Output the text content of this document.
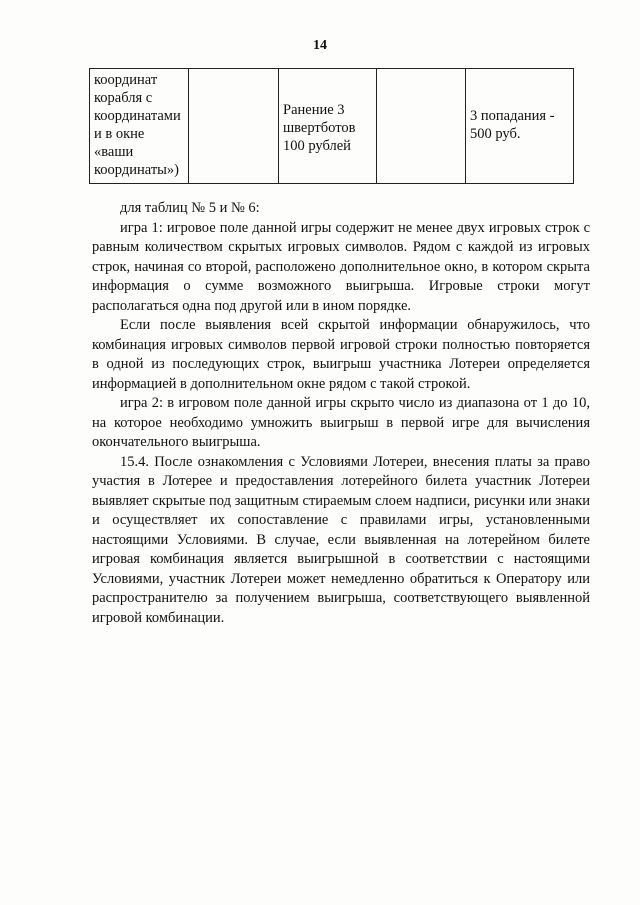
14
координат корабля с координатами и в окне «ваши координаты»)		Ранение 3 швертботов 100 рублей		3 попадания - 500 руб.

для таблиц № 5 и № 6:

игра 1: игровое поле данной игры содержит не менее двух игровых строк с равным количеством скрытых игровых символов. Рядом с каждой из игровых строк, начиная со второй, расположено дополнительное окно, в котором скрыта информация о сумме возможного выигрыша. Игровые строки могут располагаться одна под другой или в ином порядке.

Если после выявления всей скрытой информации обнаружилось, что комбинация игровых символов первой игровой строки полностью повторяется в одной из последующих строк, выигрыш участника Лотереи определяется информацией в дополнительном окне рядом с такой строкой.

игра 2: в игровом поле данной игры скрыто число из диапазона от 1 до 10, на которое необходимо умножить выигрыш в первой игре для вычисления окончательного выигрыша.

15.4. После ознакомления с Условиями Лотереи, внесения платы за право участия в Лотерее и предоставления лотерейного билета участник Лотереи выявляет скрытые под защитным стираемым слоем надписи, рисунки или знаки и осуществляет их сопоставление с правилами игры, установленными настоящими Условиями. В случае, если выявленная на лотерейном билете игровая комбинация является выигрышной в соответствии с настоящими Условиями, участник Лотереи может немедленно обратиться к Оператору или распространителю за получением выигрыша, соответствующего выявленной игровой комбинации.
